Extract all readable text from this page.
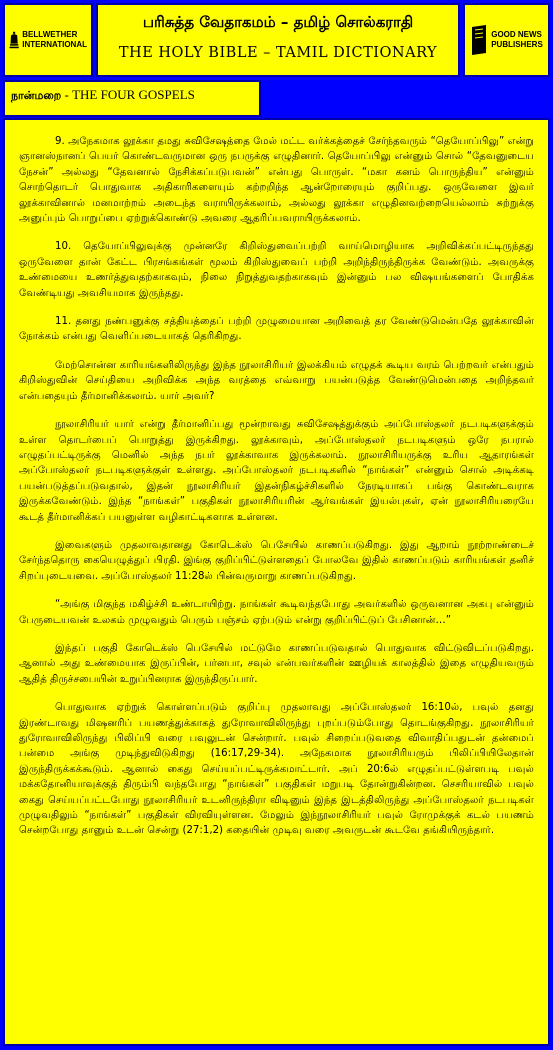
BELLWETHER
INTERNATIONAL
பரிசுத்த வேதாகமம் – தமிழ் சொல்கராதி
THE HOLY BIBLE – TAMIL DICTIONARY
GOOD NEWS
PUBLISHERS
நான்மறை - THE FOUR GOSPELS

9. அநேகமாக லூக்கா தமது சுவிசேஷத்தை மேல் மட்ட வர்க்கத்தைச் சேர்ந்தவரும் “தெயோப்பிலு” என்று ஞானஸ்நானப் பெயர் கொண்டவருமான ஒரு நபருக்கு எழுதினார். தெயோப்பிலு என்னும் சொல் “தேவனுடைய நேசன்” அல்லது “தேவனால் நேசிக்கப்படுபவன்” என்பது பொருள். “மகா கனம் பொருந்திய” என்னும் சொற்தொடர் பொதுவாக அதிகாரிகளையும் கற்றறிந்த ஆன்றோரையும் குறிப்பது. ஒருவேளை இவர் லூக்காவினால் மனமாற்றம் அடைந்த வராயிருக்கலாம், அல்லது லூக்கா எழுதினவற்றையெல்லாம் சுற்றுக்கு அனுப்பும் பொறுப்பை ஏற்றுக்கொண்டு அவரை ஆதரிப்பவராயிருக்கலாம்.

10. தெயோப்பிலுவுக்கு முன்னரே கிறிஸ்துவைப்பற்றி வாய்மொழியாக அறிவிக்கப்பட்டிருந்தது ஒருவேளை தான் கேட்ட பிரசங்கங்கள் மூலம் கிறிஸ்துவைப் பற்றி அறிந்திருந்திருக்க வேண்டும். அவருக்கு உண்மையை உணர்த்துவதற்காகவும், நிலை நிறுத்துவதற்காகவும் இன்னும் பல விஷயங்களைப் போதிக்க வேண்டியது அவசியமாக இருந்தது.

11. தனது நண்பனுக்கு சத்தியத்தைப் பற்றி முழுமையான அறிவைத் தர வேண்டுமென்பதே லூக்காவின் நோக்கம் என்பது வெளிப்படையாகத் தெரிகிறது.

மேற்சொன்ன காரியங்களிலிருந்து இந்த நூலாசிரியர் இலக்கியம் எழுதக் கூடிய வரம் பெற்றவர் என்பதும் கிறிஸ்துவின் செய்தியை அறிவிக்க அந்த வரத்தை எவ்வாறு பயன்படுத்த வேண்டுமென்பதை அறிந்தவர் என்பதையும் தீர்மானிக்கலாம். யார் அவர்?

நூலாசிரியர் யார் என்று தீர்மானிப்பது மூன்றாவது சுவிசேஷத்துக்கும் அப்போஸ்தலர் நடபடிகளுக்கும் உள்ள தொடர்பைப் பொறுத்து இருக்கிறது. லூக்காவும், அப்போஸ்தலர் நடபடிகளும் ஒரே நபரால் எழுதப்பட்டிருக்கு மெனில் அந்த நபர் லூக்காவாக இருக்கலாம். நூலாசிரியருக்கு உரிய ஆதாரங்கள் அப்போஸ்தலர் நடபடிகளுக்குள் உள்ளது. அப்போஸ்தலர் நடபடிகளில் “நாங்கள்” என்னும் சொல் அடிக்கடி பயன்படுத்தப்படுவதால், இதன் நூலாசிரியர் இதன்நிகழ்ச்சிகளில் நேரடியாகப் பங்கு கொண்டவராக இருக்கவேண்டும். இந்த “நாங்கள்” பகுதிகள் நூலாசிரியரின் ஆர்வங்கள் இயல்புகள், ஏன் நூலாசிரியரையே கூடத் தீர்மானிக்கப் பயனுள்ள வழிகாட்டிகளாக உள்ளன.

இவைகளும் முதலாவதானது கோடெக்ஸ் பெசேயில் காணப்படுகிறது. இது ஆறாம் நூற்றாண்டைச் சேர்ந்ததொரு கையெழுத்துப் பிரதி. இங்கு குறிப்பிட்டுள்ளதைப் போலவே இதில் காணப்படும் காரியங்கள் தனிச் சிறப்புடையவை. அப்போஸ்தலர் 11:28ல் பின்வருமாறு காணப்படுகிறது.

“அங்கு மிகுந்த மகிழ்ச்சி உண்டாயிற்று. நாங்கள் கூடிவந்தபோது அவர்களில் ஒருவனான அகபு என்னும் பேருடையவன் உலகம் முழுவதும் பெரும் பஞ்சம் ஏற்படும் என்று குறிப்பிட்டுப் பேசினான்…”

இந்தப் பகுதி கோடெக்ஸ் பெசேயில் மட்டுமே காணப்படுவதால் பொதுவாக விட்டுவிடப்படுகிறது. ஆனால் அது உண்மையாக இருப்பின், பர்னபா, சவுல் என்பவர்களின் ஊழியக் காலத்தில் இதை எழுதியவரும் ஆதித் திருச்சபையின் உறுப்பினராக இருந்திருப்பார்.

பொதுவாக ஏற்றுக் கொள்ளப்படும் குறிப்பு முதலாவது அப்போஸ்தலர் 16:10ல், பவுல் தனது இரண்டாவது மிஷனரிப் பயணத்துக்காகத் துரோவாவிலிருந்து புறப்படும்போது தொடங்குகிறது. நூலாசிரியர் துரோவாவிலிருந்து பிலிப்பி வரை பவுலுடன் சென்றார். பவுல் சிறைப்படுவதை விவாதிப்பதுடன் தன்மைப் பன்மை அங்கு முடிந்துவிடுகிறது (16:17,29-34). அநேகமாக நூலாசிரியரும் பிலிப்பியிலேதான் இருந்திருக்கக்கூடும். ஆனால் கைது செய்யப்பட்டிருக்கமாட்டார். அப் 20:6ல் எழுதப்பட்டுள்ளபடி பவுல் மக்கதோனியாவுக்குத் திரும்பி வந்தபோது “நாங்கள்” பகுதிகள் மறுபடி தோன்றுகின்றன. செசரியாவில் பவுல் கைது செய்யப்பட்டபோது நூலாசிரியர் உடனிருந்திரா விடினும் இந்த இடத்திலிருந்து அப்போஸ்தலர் நடபடிகள் முழுவதிலும் “நாங்கள்” பகுதிகள் விரவியுள்ளன. மேலும் இந்நூலாசிரியர் பவுல் ரோமுக்குக் கடல் பயணம் சென்றபோது தானும் உடன் சென்று (27:1,2) கதையின் முடிவு வரை அவருடன் கூடவே தங்கியிருந்தார்.
